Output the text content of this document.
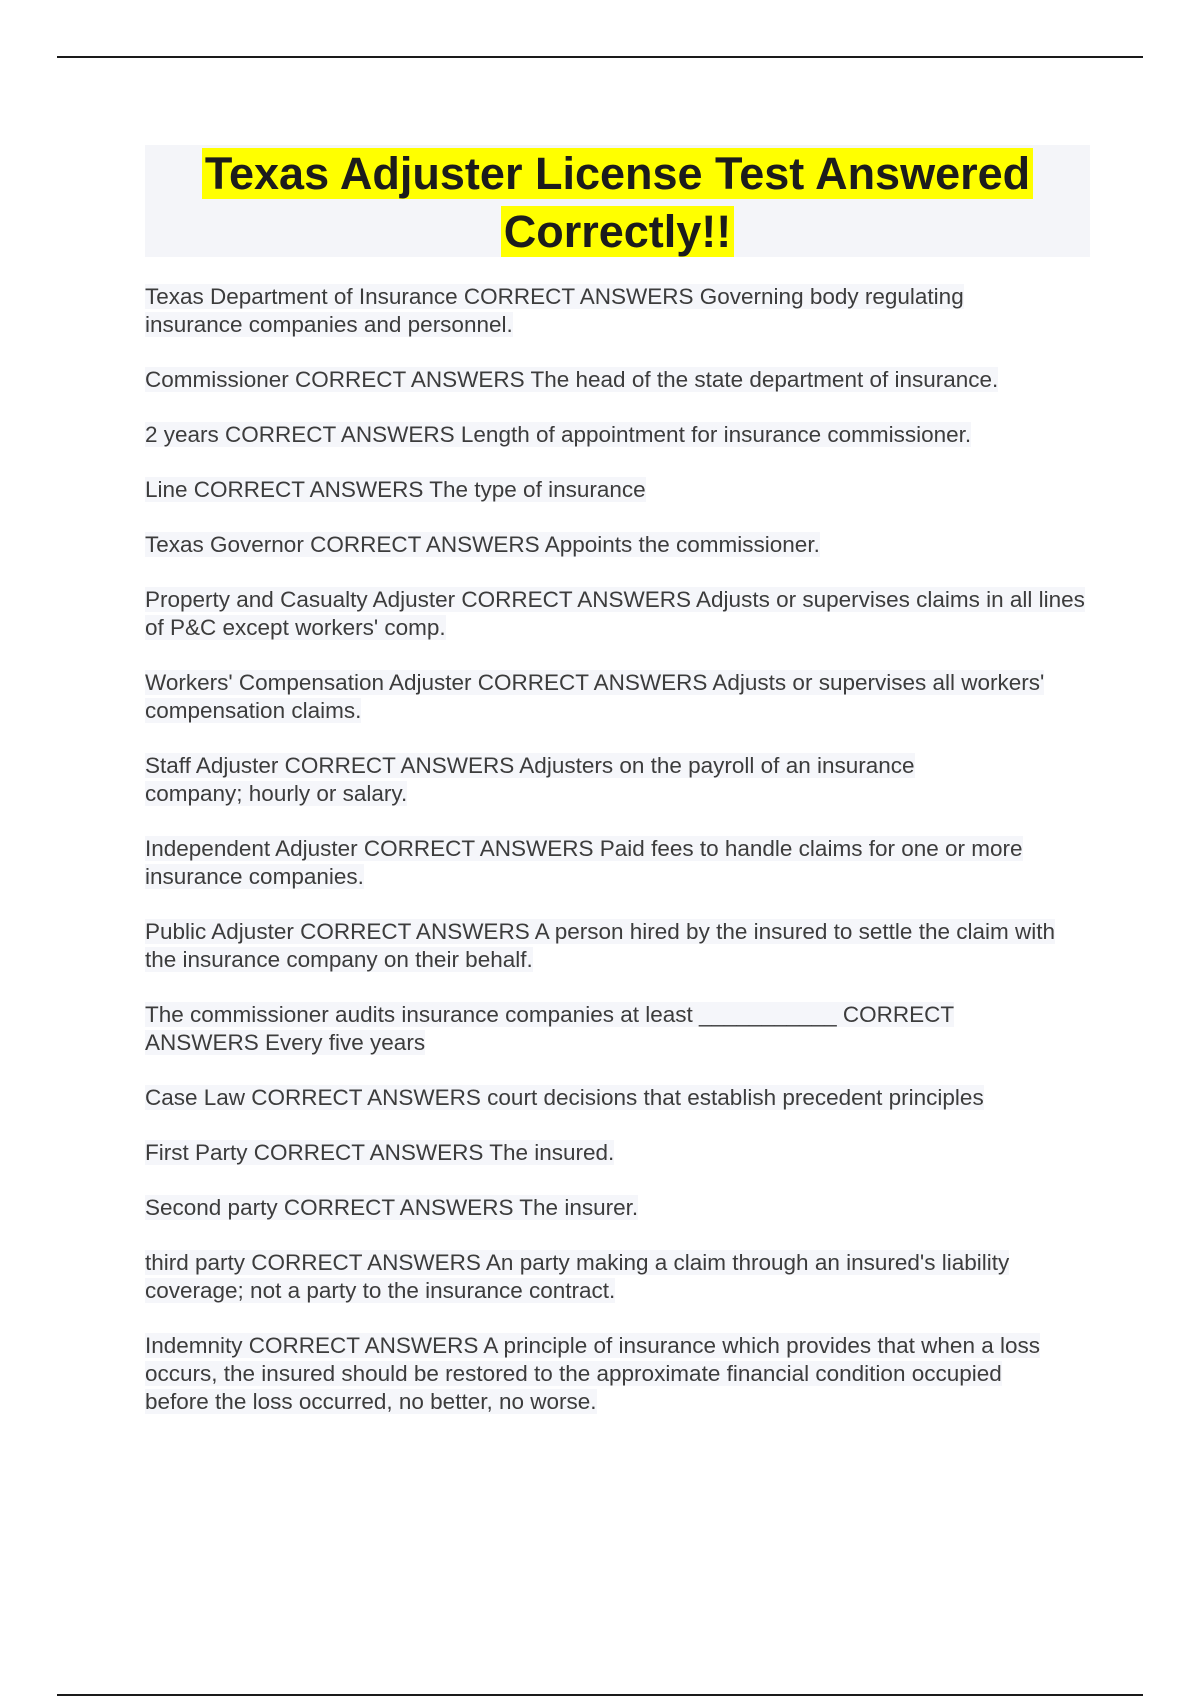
Texas Adjuster License Test Answered
Correctly!!
Texas Department of Insurance CORRECT ANSWERS Governing body regulating insurance companies and personnel.
Commissioner CORRECT ANSWERS The head of the state department of insurance.
2 years CORRECT ANSWERS Length of appointment for insurance commissioner.
Line CORRECT ANSWERS The type of insurance
Texas Governor CORRECT ANSWERS Appoints the commissioner.
Property and Casualty Adjuster CORRECT ANSWERS Adjusts or supervises claims in all lines of P&C except workers' comp.
Workers' Compensation Adjuster CORRECT ANSWERS Adjusts or supervises all workers' compensation claims.
Staff Adjuster CORRECT ANSWERS Adjusters on the payroll of an insurance company; hourly or salary.
Independent Adjuster CORRECT ANSWERS Paid fees to handle claims for one or more insurance companies.
Public Adjuster CORRECT ANSWERS A person hired by the insured to settle the claim with the insurance company on their behalf.
The commissioner audits insurance companies at least ___________ CORRECT ANSWERS Every five years
Case Law CORRECT ANSWERS court decisions that establish precedent principles
First Party CORRECT ANSWERS The insured.
Second party CORRECT ANSWERS The insurer.
third party CORRECT ANSWERS An party making a claim through an insured's liability coverage; not a party to the insurance contract.
Indemnity CORRECT ANSWERS A principle of insurance which provides that when a loss occurs, the insured should be restored to the approximate financial condition occupied before the loss occurred, no better, no worse.
